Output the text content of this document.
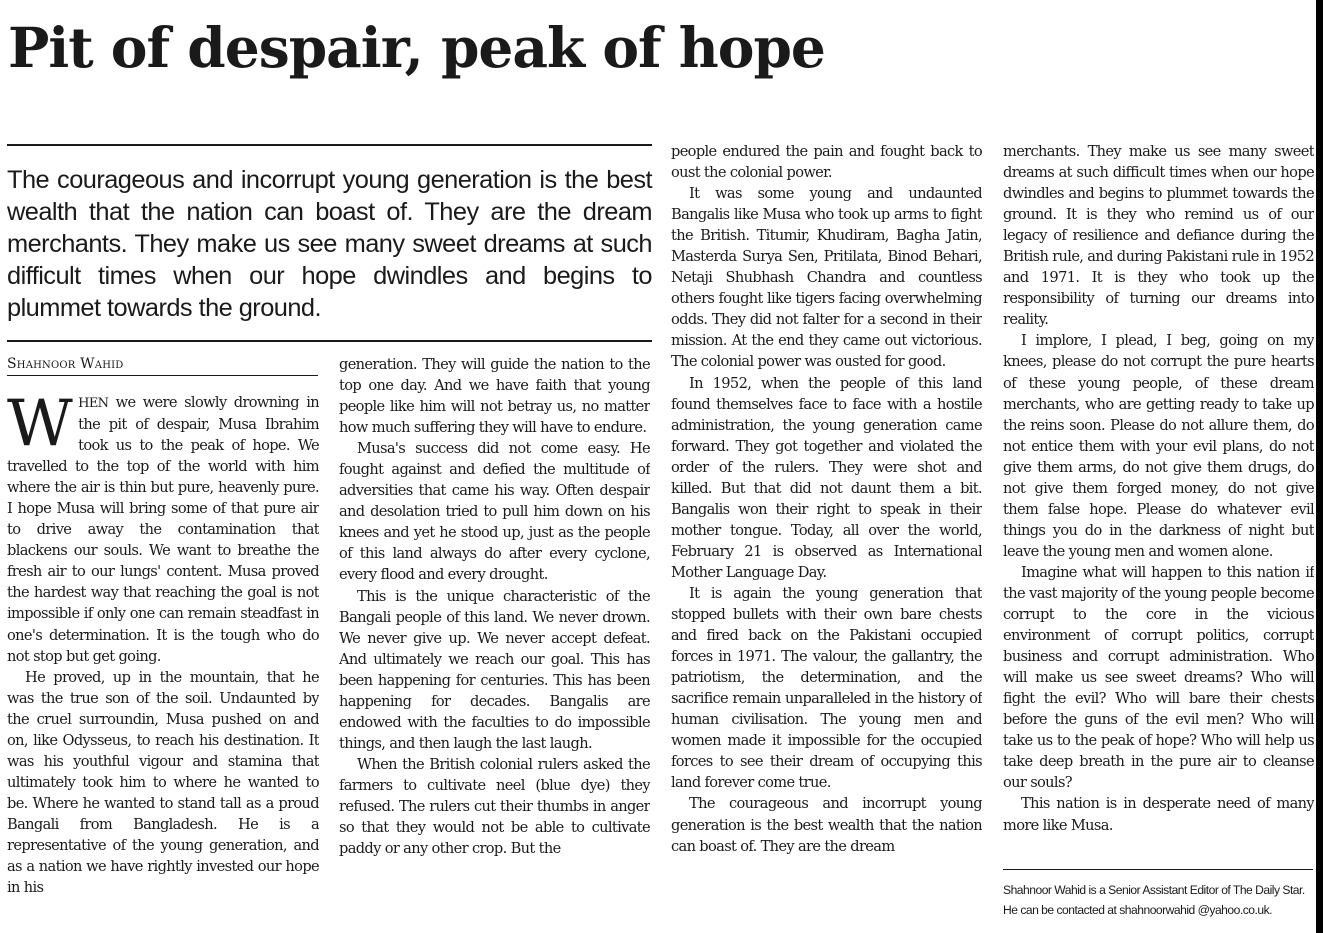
Pit of despair, peak of hope

The courageous and incorrupt young generation is the best wealth that the nation can boast of. They are the dream merchants. They make us see many sweet dreams at such difficult times when our hope dwindles and begins to plummet towards the ground.

Shahnoor Wahid

WHEN we were slowly drowning in the pit of despair, Musa Ibrahim took us to the peak of hope. We travelled to the top of the world with him where the air is thin but pure, heavenly pure. I hope Musa will bring some of that pure air to drive away the contamination that blackens our souls. We want to breathe the fresh air to our lungs' content. Musa proved the hardest way that reaching the goal is not impossible if only one can remain steadfast in one's determination. It is the tough who do not stop but get going.

He proved, up in the mountain, that he was the true son of the soil. Undaunted by the cruel surroundin, Musa pushed on and on, like Odysseus, to reach his destination. It was his youthful vigour and stamina that ultimately took him to where he wanted to be. Where he wanted to stand tall as a proud Bangali from Bangladesh. He is a representative of the young generation, and as a nation we have rightly invested our hope in his

generation. They will guide the nation to the top one day. And we have faith that young people like him will not betray us, no matter how much suffering they will have to endure.

Musa's success did not come easy. He fought against and defied the multitude of adversities that came his way. Often despair and desolation tried to pull him down on his knees and yet he stood up, just as the people of this land always do after every cyclone, every flood and every drought.

This is the unique characteristic of the Bangali people of this land. We never drown. We never give up. We never accept defeat. And ultimately we reach our goal. This has been happening for centuries. This has been happening for decades. Bangalis are endowed with the faculties to do impossible things, and then laugh the last laugh.

When the British colonial rulers asked the farmers to cultivate neel (blue dye) they refused. The rulers cut their thumbs in anger so that they would not be able to cultivate paddy or any other crop. But the

people endured the pain and fought back to oust the colonial power.

It was some young and undaunted Bangalis like Musa who took up arms to fight the British. Titumir, Khudiram, Bagha Jatin, Masterda Surya Sen, Pritilata, Binod Behari, Netaji Shubhash Chandra and countless others fought like tigers facing overwhelming odds. They did not falter for a second in their mission. At the end they came out victorious. The colonial power was ousted for good.

In 1952, when the people of this land found themselves face to face with a hostile administration, the young generation came forward. They got together and violated the order of the rulers. They were shot and killed. But that did not daunt them a bit. Bangalis won their right to speak in their mother tongue. Today, all over the world, February 21 is observed as International Mother Language Day.

It is again the young generation that stopped bullets with their own bare chests and fired back on the Pakistani occupied forces in 1971. The valour, the gallantry, the patriotism, the determination, and the sacrifice remain unparalleled in the history of human civilisation. The young men and women made it impossible for the occupied forces to see their dream of occupying this land forever come true.

The courageous and incorrupt young generation is the best wealth that the nation can boast of. They are the dream

merchants. They make us see many sweet dreams at such difficult times when our hope dwindles and begins to plummet towards the ground. It is they who remind us of our legacy of resilience and defiance during the British rule, and during Pakistani rule in 1952 and 1971. It is they who took up the responsibility of turning our dreams into reality.

I implore, I plead, I beg, going on my knees, please do not corrupt the pure hearts of these young people, of these dream merchants, who are getting ready to take up the reins soon. Please do not allure them, do not entice them with your evil plans, do not give them arms, do not give them drugs, do not give them forged money, do not give them false hope. Please do whatever evil things you do in the darkness of night but leave the young men and women alone.

Imagine what will happen to this nation if the vast majority of the young people become corrupt to the core in the vicious environment of corrupt politics, corrupt business and corrupt administration. Who will make us see sweet dreams? Who will fight the evil? Who will bare their chests before the guns of the evil men? Who will take us to the peak of hope? Who will help us take deep breath in the pure air to cleanse our souls?

This nation is in desperate need of many more like Musa.

Shahnoor Wahid is a Senior Assistant Editor of The Daily Star. He can be contacted at shahnoorwahid @yahoo.co.uk.
